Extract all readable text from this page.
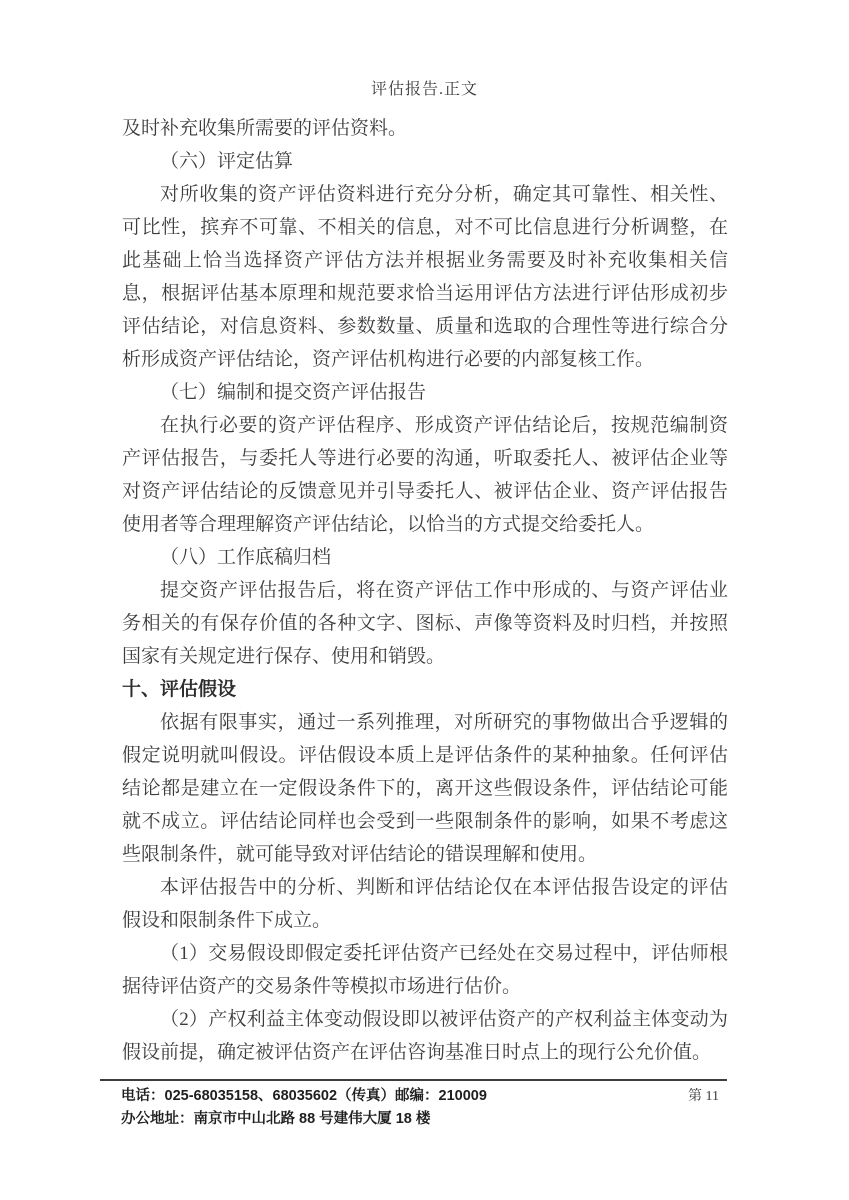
评估报告.正文

及时补充收集所需要的评估资料。

（六）评定估算

对所收集的资产评估资料进行充分分析，确定其可靠性、相关性、可比性，摈弃不可靠、不相关的信息，对不可比信息进行分析调整，在此基础上恰当选择资产评估方法并根据业务需要及时补充收集相关信息，根据评估基本原理和规范要求恰当运用评估方法进行评估形成初步评估结论，对信息资料、参数数量、质量和选取的合理性等进行综合分析形成资产评估结论，资产评估机构进行必要的内部复核工作。

（七）编制和提交资产评估报告

在执行必要的资产评估程序、形成资产评估结论后，按规范编制资产评估报告，与委托人等进行必要的沟通，听取委托人、被评估企业等对资产评估结论的反馈意见并引导委托人、被评估企业、资产评估报告使用者等合理理解资产评估结论，以恰当的方式提交给委托人。

（八）工作底稿归档

提交资产评估报告后，将在资产评估工作中形成的、与资产评估业务相关的有保存价值的各种文字、图标、声像等资料及时归档，并按照国家有关规定进行保存、使用和销毁。

十、评估假设

依据有限事实，通过一系列推理，对所研究的事物做出合乎逻辑的假定说明就叫假设。评估假设本质上是评估条件的某种抽象。任何评估结论都是建立在一定假设条件下的，离开这些假设条件，评估结论可能就不成立。评估结论同样也会受到一些限制条件的影响，如果不考虑这些限制条件，就可能导致对评估结论的错误理解和使用。

本评估报告中的分析、判断和评估结论仅在本评估报告设定的评估假设和限制条件下成立。

（1）交易假设即假定委托评估资产已经处在交易过程中，评估师根据待评估资产的交易条件等模拟市场进行估价。

（2）产权利益主体变动假设即以被评估资产的产权利益主体变动为假设前提，确定被评估资产在评估咨询基准日时点上的现行公允价值。

电话：025-68035158、68035602（传真）邮编：210009
办公地址：南京市中山北路 88 号建伟大厦 18 楼
第 11
